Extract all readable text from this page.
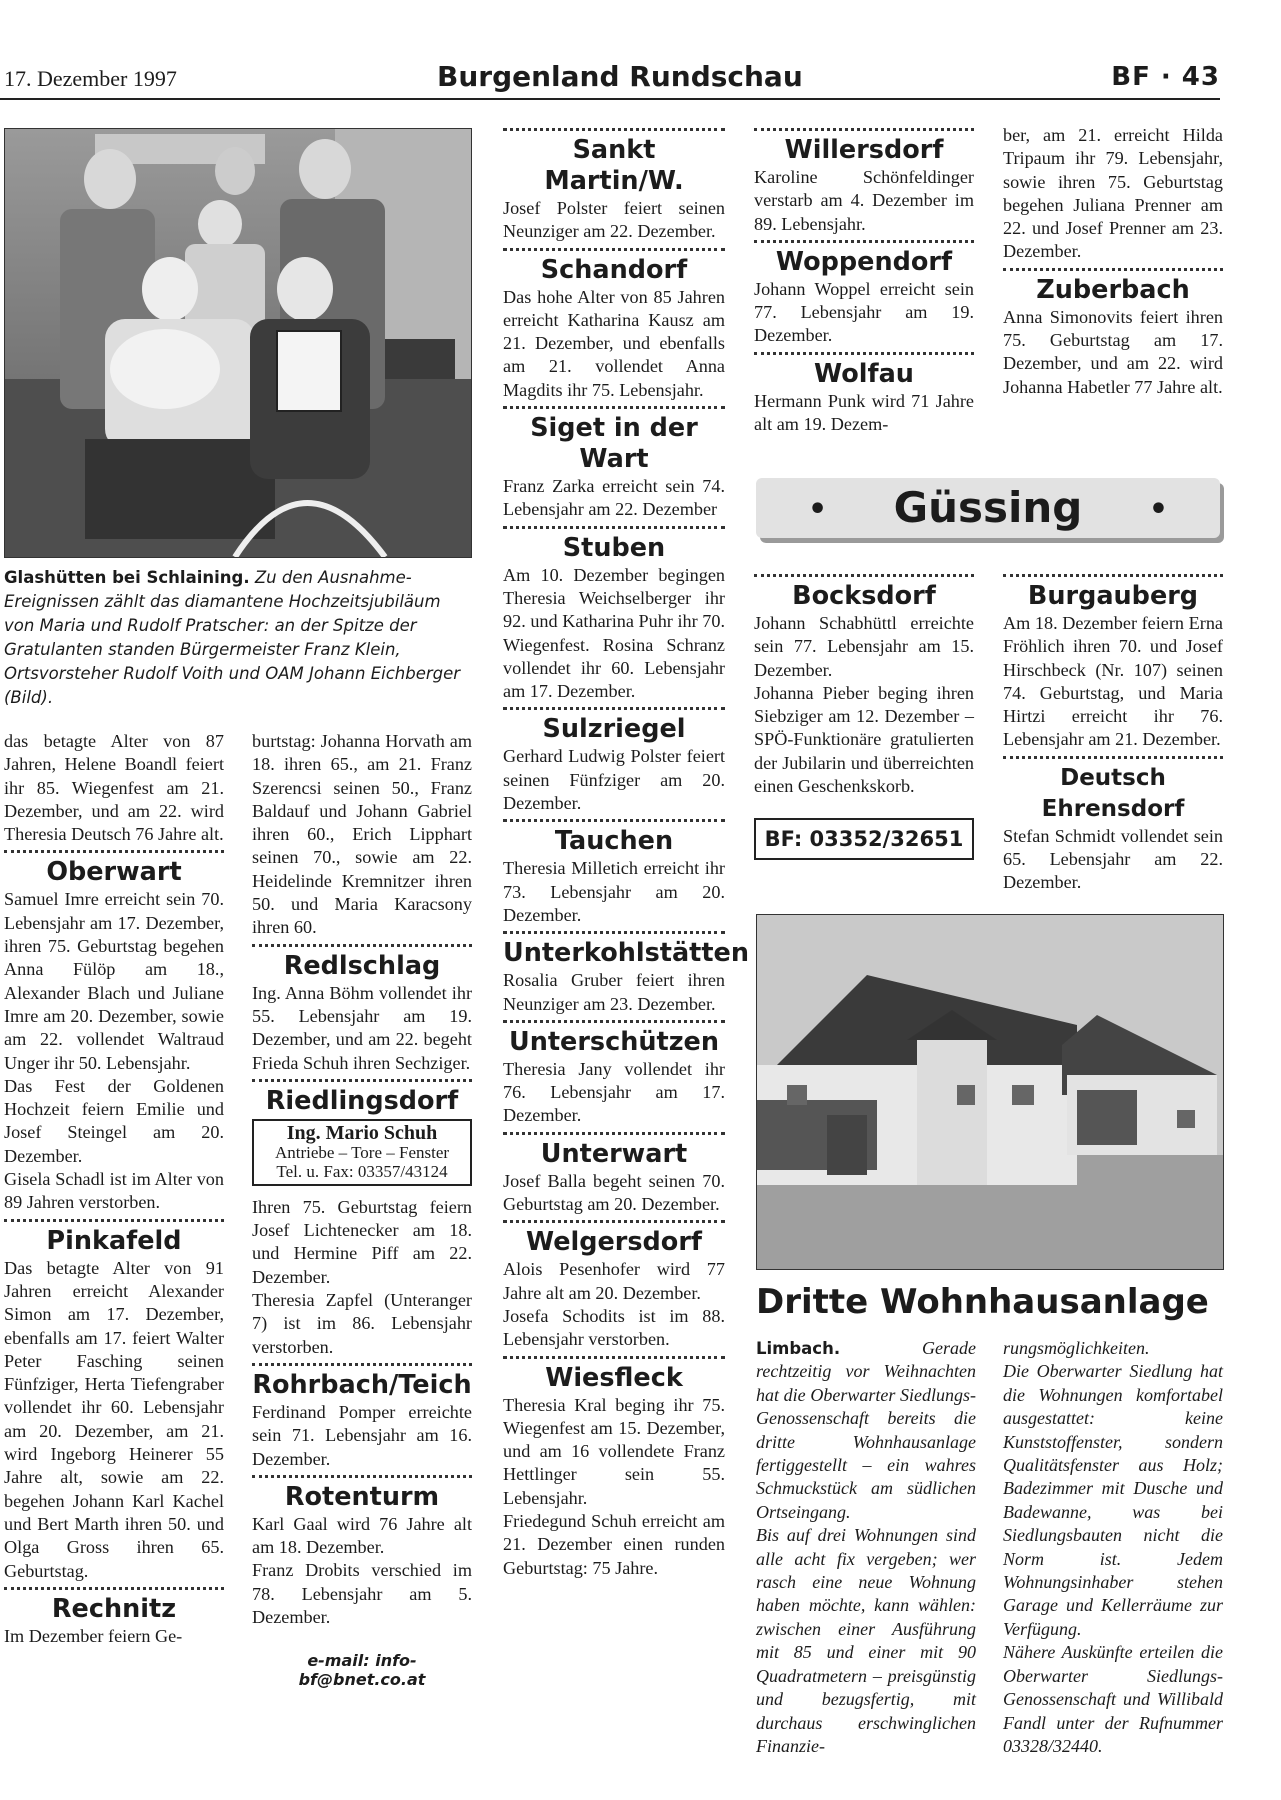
17. Dezember 1997	Burgenland Rundschau	BF · 43
Glashütten bei Schlaining. Zu den Ausnahme-Ereignissen zählt das diamantene Hochzeitsjubiläum von Maria und Rudolf Pratscher: an der Spitze der Gratulanten standen Bürgermeister Franz Klein, Ortsvorsteher Rudolf Voith und OAM Johann Eichberger (Bild).

das betagte Alter von 87 Jahren, Helene Boandl feiert ihr 85. Wiegenfest am 21. Dezember, und am 22. wird Theresia Deutsch 76 Jahre alt.

Oberwart

Samuel Imre erreicht sein 70. Lebensjahr am 17. Dezember, ihren 75. Geburtstag begehen Anna Fülöp am 18., Alexander Blach und Juliane Imre am 20. Dezember, sowie am 22. vollendet Waltraud Unger ihr 50. Lebensjahr.

Das Fest der Goldenen Hochzeit feiern Emilie und Josef Steingel am 20. Dezember.

Gisela Schadl ist im Alter von 89 Jahren verstorben.

Pinkafeld

Das betagte Alter von 91 Jahren erreicht Alexander Simon am 17. Dezember, ebenfalls am 17. feiert Walter Peter Fasching seinen Fünfziger, Herta Tiefengraber vollendet ihr 60. Lebensjahr am 20. Dezember, am 21. wird Ingeborg Heinerer 55 Jahre alt, sowie am 22. begehen Johann Karl Kachel und Bert Marth ihren 50. und Olga Gross ihren 65. Geburtstag.

Rechnitz

Im Dezember feiern Ge-

burtstag: Johanna Horvath am 18. ihren 65., am 21. Franz Szerencsi seinen 50., Franz Baldauf und Johann Gabriel ihren 60., Erich Lipphart seinen 70., sowie am 22. Heidelinde Kremnitzer ihren 50. und Maria Karacsony ihren 60.

Redlschlag

Ing. Anna Böhm vollendet ihr 55. Lebensjahr am 19. Dezember, und am 22. begeht Frieda Schuh ihren Sechziger.

Riedlingsdorf
Ing. Mario Schuh
Antriebe – Tore – Fenster
Tel. u. Fax: 03357/43124

Ihren 75. Geburtstag feiern Josef Lichtenecker am 18. und Hermine Piff am 22. Dezember.

Theresia Zapfel (Unteranger 7) ist im 86. Lebensjahr verstorben.

Rohrbach/Teich

Ferdinand Pomper erreichte sein 71. Lebensjahr am 16. Dezember.

Rotenturm

Karl Gaal wird 76 Jahre alt am 18. Dezember.

Franz Drobits verschied im 78. Lebensjahr am 5. Dezember.

e-mail: info-bf@bnet.co.at
Sankt Martin/W.

Josef Polster feiert seinen Neunziger am 22. Dezember.

Schandorf

Das hohe Alter von 85 Jahren erreicht Katharina Kausz am 21. Dezember, und ebenfalls am 21. vollendet Anna Magdits ihr 75. Lebensjahr.

Siget in der Wart

Franz Zarka erreicht sein 74. Lebensjahr am 22. Dezember

Stuben

Am 10. Dezember begingen Theresia Weichselberger ihr 92. und Katharina Puhr ihr 70. Wiegenfest. Rosina Schranz vollendet ihr 60. Lebensjahr am 17. Dezember.

Sulzriegel

Gerhard Ludwig Polster feiert seinen Fünfziger am 20. Dezember.

Tauchen

Theresia Milletich erreicht ihr 73. Lebensjahr am 20. Dezember.

Unterkohlstätten

Rosalia Gruber feiert ihren Neunziger am 23. Dezember.

Unterschützen

Theresia Jany vollendet ihr 76. Lebensjahr am 17. Dezember.

Unterwart

Josef Balla begeht seinen 70. Geburtstag am 20. Dezember.

Welgersdorf

Alois Pesenhofer wird 77 Jahre alt am 20. Dezember.

Josefa Schodits ist im 88. Lebensjahr verstorben.

Wiesfleck

Theresia Kral beging ihr 75. Wiegenfest am 15. Dezember, und am 16 vollendete Franz Hettlinger sein 55. Lebensjahr.

Friedegund Schuh erreicht am 21. Dezember einen runden Geburtstag: 75 Jahre.

Willersdorf

Karoline Schönfeldinger verstarb am 4. Dezember im 89. Lebensjahr.

Woppendorf

Johann Woppel erreicht sein 77. Lebensjahr am 19. Dezember.

Wolfau

Hermann Punk wird 71 Jahre alt am 19. Dezem-

ber, am 21. erreicht Hilda Tripaum ihr 79. Lebensjahr, sowie ihren 75. Geburtstag begehen Juliana Prenner am 22. und Josef Prenner am 23. Dezember.

Zuberbach

Anna Simonovits feiert ihren 75. Geburtstag am 17. Dezember, und am 22. wird Johanna Habetler 77 Jahre alt.

• Güssing •
Bocksdorf

Johann Schabhüttl erreichte sein 77. Lebensjahr am 15. Dezember.

Johanna Pieber beging ihren Siebziger am 12. Dezember – SPÖ-Funktionäre gratulierten der Jubilarin und überreichten einen Geschenkskorb.

BF: 03352/32651
Burgauberg

Am 18. Dezember feiern Erna Fröhlich ihren 70. und Josef Hirschbeck (Nr. 107) seinen 74. Geburtstag, und Maria Hirtzi erreicht ihr 76. Lebensjahr am 21. Dezember.

Deutsch Ehrensdorf

Stefan Schmidt vollendet sein 65. Lebensjahr am 22. Dezember.

Dritte Wohnhausanlage

Limbach.	Gerade rechtzeitig vor Weihnachten hat die Oberwarter Siedlungs-Genossenschaft bereits die dritte Wohnhausanlage fertiggestellt – ein wahres Schmuckstück am südlichen Ortseingang.

Bis auf drei Wohnungen sind alle acht fix vergeben; wer rasch eine neue Wohnung haben möchte, kann wählen: zwischen einer Ausführung mit 85 und einer mit 90 Quadratmetern – preisgünstig und bezugsfertig, mit durchaus erschwinglichen Finanzie-

rungsmöglichkeiten.

Die Oberwarter Siedlung hat die Wohnungen komfortabel ausgestattet: keine Kunststoffenster, sondern Qualitätsfenster aus Holz; Badezimmer mit Dusche und Badewanne, was bei Siedlungsbauten nicht die Norm ist. Jedem Wohnungsinhaber stehen Garage und Kellerräume zur Verfügung.

Nähere Auskünfte erteilen die Oberwarter Siedlungs-Genossenschaft und Willibald Fandl unter der Rufnummer 03328/32440.
